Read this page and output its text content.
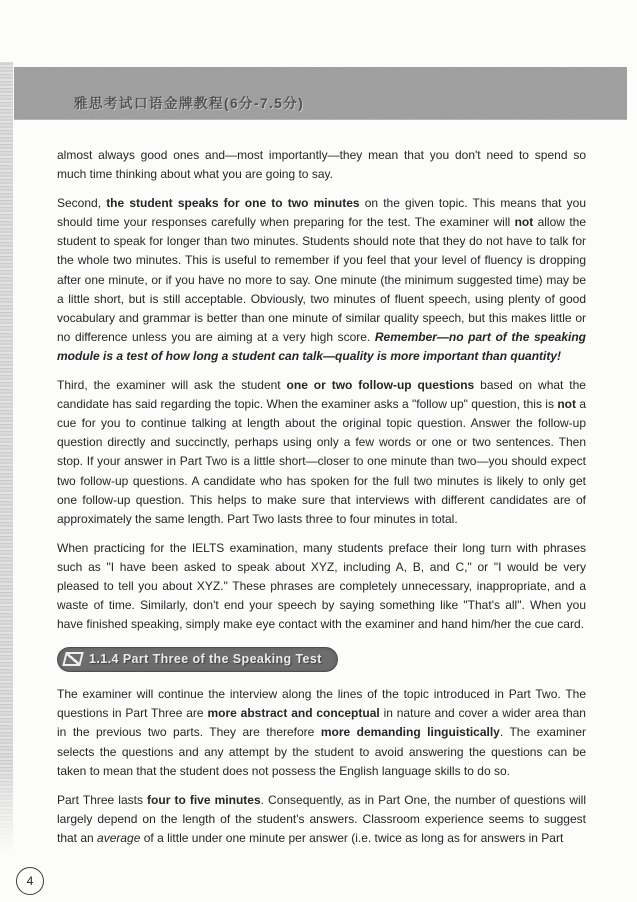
雅思考试口语金牌教程(6分-7.5分)

almost always good ones and—most importantly—they mean that you don't need to spend so much time thinking about what you are going to say.

Second, the student speaks for one to two minutes on the given topic. This means that you should time your responses carefully when preparing for the test. The examiner will not allow the student to speak for longer than two minutes. Students should note that they do not have to talk for the whole two minutes. This is useful to remember if you feel that your level of fluency is dropping after one minute, or if you have no more to say. One minute (the minimum suggested time) may be a little short, but is still acceptable. Obviously, two minutes of fluent speech, using plenty of good vocabulary and grammar is better than one minute of similar quality speech, but this makes little or no difference unless you are aiming at a very high score. Remember—no part of the speaking module is a test of how long a student can talk—quality is more important than quantity!

Third, the examiner will ask the student one or two follow-up questions based on what the candidate has said regarding the topic. When the examiner asks a "follow up" question, this is not a cue for you to continue talking at length about the original topic question. Answer the follow-up question directly and succinctly, perhaps using only a few words or one or two sentences. Then stop. If your answer in Part Two is a little short—closer to one minute than two—you should expect two follow-up questions. A candidate who has spoken for the full two minutes is likely to only get one follow-up question. This helps to make sure that interviews with different candidates are of approximately the same length. Part Two lasts three to four minutes in total.

When practicing for the IELTS examination, many students preface their long turn with phrases such as "I have been asked to speak about XYZ, including A, B, and C," or "I would be very pleased to tell you about XYZ." These phrases are completely unnecessary, inappropriate, and a waste of time. Similarly, don't end your speech by saying something like "That's all". When you have finished speaking, simply make eye contact with the examiner and hand him/her the cue card.

1.1.4 Part Three of the Speaking Test

The examiner will continue the interview along the lines of the topic introduced in Part Two. The questions in Part Three are more abstract and conceptual in nature and cover a wider area than in the previous two parts. They are therefore more demanding linguistically. The examiner selects the questions and any attempt by the student to avoid answering the questions can be taken to mean that the student does not possess the English language skills to do so.

Part Three lasts four to five minutes. Consequently, as in Part One, the number of questions will largely depend on the length of the student's answers. Classroom experience seems to suggest that an average of a little under one minute per answer (i.e. twice as long as for answers in Part

4
